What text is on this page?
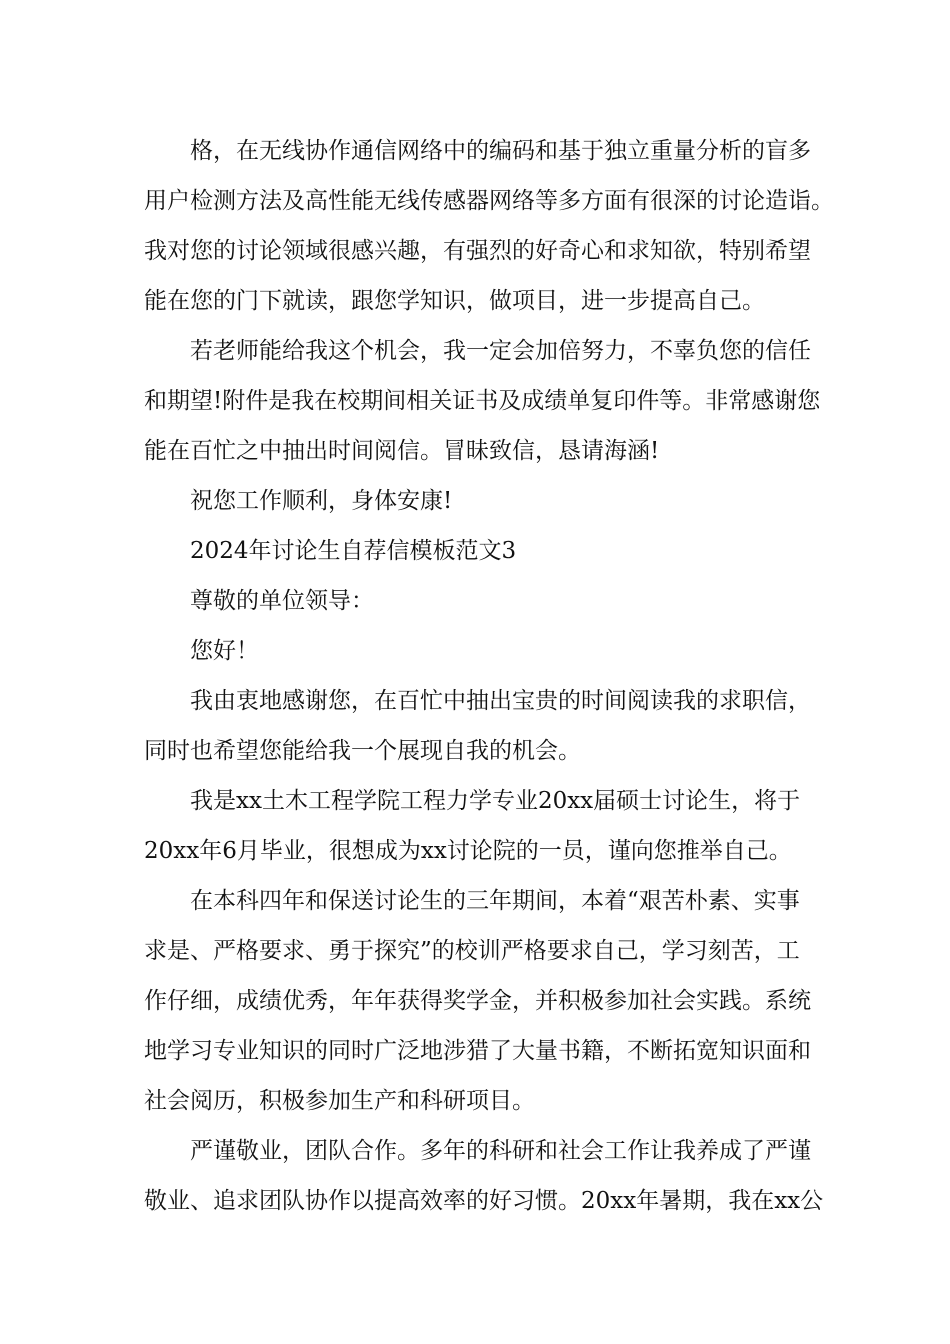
格，在无线协作通信网络中的编码和基于独立重量分析的盲多

用户检测方法及高性能无线传感器网络等多方面有很深的讨论造诣。

我对您的讨论领域很感兴趣，有强烈的好奇心和求知欲，特别希望

能在您的门下就读，跟您学知识，做项目，进一步提高自己。

若老师能给我这个机会，我一定会加倍努力，不辜负您的信任

和期望!附件是我在校期间相关证书及成绩单复印件等。非常感谢您

能在百忙之中抽出时间阅信。冒昧致信，恳请海涵!

祝您工作顺利，身体安康!

2024年讨论生自荐信模板范文3

尊敬的单位领导：

您好！

我由衷地感谢您，在百忙中抽出宝贵的时间阅读我的求职信，

同时也希望您能给我一个展现自我的机会。

我是xx土木工程学院工程力学专业20xx届硕士讨论生，将于

20xx年6月毕业，很想成为xx讨论院的一员，谨向您推举自己。

在本科四年和保送讨论生的三年期间，本着“艰苦朴素、实事

求是、严格要求、勇于探究”的校训严格要求自己，学习刻苦，工

作仔细，成绩优秀，年年获得奖学金，并积极参加社会实践。系统

地学习专业知识的同时广泛地涉猎了大量书籍，不断拓宽知识面和

社会阅历，积极参加生产和科研项目。

严谨敬业，团队合作。多年的科研和社会工作让我养成了严谨

敬业、追求团队协作以提高效率的好习惯。20xx年暑期，我在xx公
